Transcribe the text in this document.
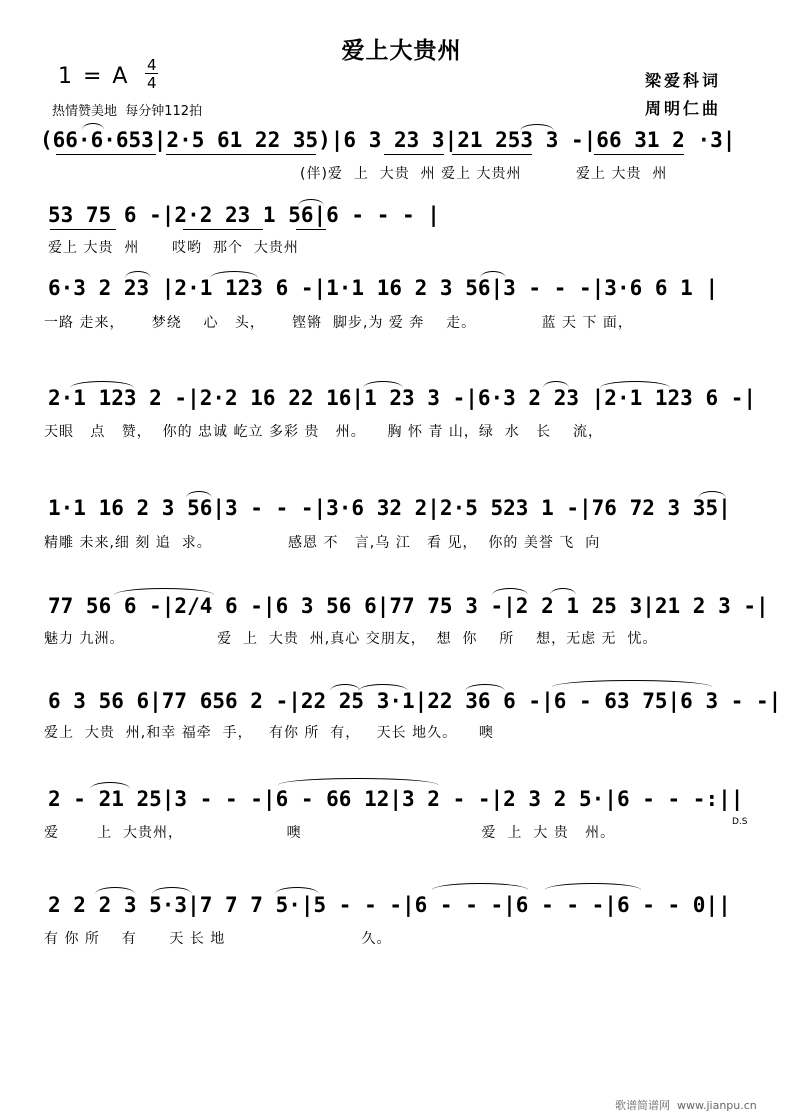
爱上大贵州
1 = A 4
4
热情赞美地  每分钟112拍
梁爱科词
周明仁曲
(66·6·653|2·5 61 22 35)|6 3 23 3|21 253 3 -|66 31 2 ·3|
(伴)爱  上  大贵  州 爱上 大贵州          爱上 大贵  州
53 75 6 -|2·2 23 1 56|6 - - - |
爱上 大贵  州      哎哟  那个  大贵州
6·3 2 23 |2·1 123 6 -|1·1 16 2 3 56|3 - - -|3·6 6 1 |
一路 走来，     梦绕    心   头，     铿锵  脚步,为 爱 奔    走。            蓝 天 下 面，
2·1 123 2 -|2·2 16 22 16|1 23 3 -|6·3 2 23 |2·1 123 6 -|
天眼   点   赞，  你的 忠诚 屹立 多彩 贵   州。    胸 怀 青 山，绿  水   长    流，
1·1 16 2 3 56|3 - - -|3·6 32 2|2·5 523 1 -|76 72 3 35|
精雕 未来,细 刻 追  求。              感恩 不   言,乌 江   看 见，  你的 美誉 飞  向
77 56 6 -|2/4 6 -|6 3 56 6|77 75 3 -|2 2 1 25 3|21 2 3 -|
魅力 九洲。                 爱  上  大贵  州,真心 交朋友，  想  你    所    想，无虑 无  忧。
6 3 56 6|77 656 2 -|22 25 3·1|22 36 6 -|6 - 63 75|6 3 - -|
爱上  大贵  州,和幸 福牵  手，   有你 所  有，   天长 地久。    噢
2 - 21 25|3 - - -|6 - 66 12|3 2 - -|2 3 2 5·|6 - - -:||
爱       上  大贵州，                   噢                                 爱  上  大 贵   州。
2 2 2 3 5·3|7 7 7 5·|5 - - -|6 - - -|6 - - -|6 - - 0||
有 你 所    有      天 长 地                         久。
D.S
歌谱简谱网  www.jianpu.cn
